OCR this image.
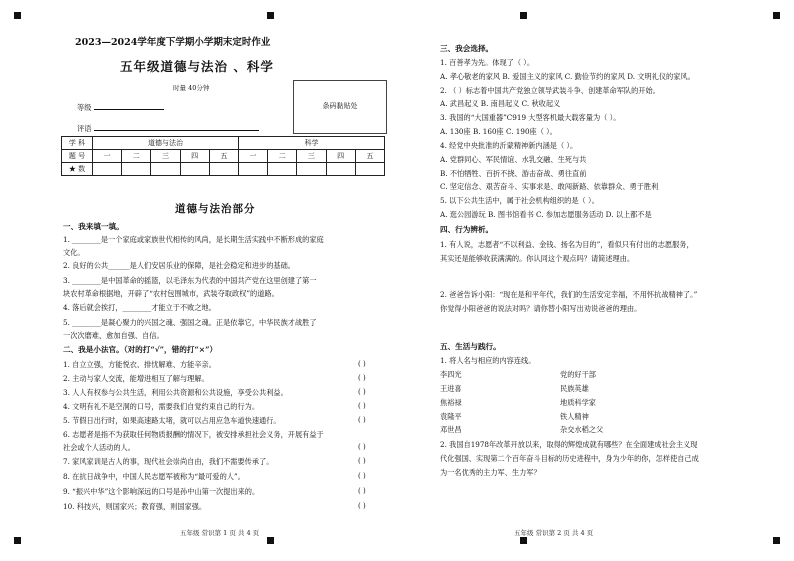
2023—2024学年度下学期小学期末定时作业
五年级道德与法治 、科学
时量 40分钟
等级
评语
条码黏贴处
学 科	道德与法治					科学				
题 号	一	二	三	四	五	一	二	三	四	五
★ 数										
道德与法治部分
一、我来填一填。
1. ________是一个家庭或家族世代相传的风尚，是长期生活实践中不断形成的家庭
文化。
2. 良好的公共______是人们安居乐业的保障，是社会稳定和进步的基础。
3. ________是中国革命的摇篮，以毛泽东为代表的中国共产党在这里创建了第一
块农村革命根据地，开辟了“农村包围城市，武装夺取政权”的道路。
4. 落后就会挨打，________才能立于不败之地。
5. ________是凝心聚力的兴国之魂、强国之魂。正是依靠它，中华民族才战胜了
一次次磨难，愈加自强、自信。
二、我是小法官。（对的打“√”，错的打“×”）
1. 自立立强，方能悦衣、排忧解难、方能辛亲。
2. 主动与家人交流，能增进相互了解与理解。
3. 人人有权参与公共生活，利用公共资源和公共设施，享受公共利益。
4. 文明有礼不是空洞的口号，需要我们自觉约束自己的行为。
5. 节假日出行时，如果高速路太堵，就可以占用应急车道快速通行。
6. 志愿者是指不为获取任何物质报酬的情况下，被安排承担社会义务，开展有益于
社会或个人活动的人。
7. 家风家训是古人的事，现代社会崇尚自由，我们不需要传承了。
8. 在抗日战争中，中国人民志愿军被称为“最可爱的人”。
9. “振兴中华”这个影响深远的口号是孙中山第一次提出来的。
10. 科技兴，则国家兴；教育强，则国家强。
( )
( )
( )
( )
( )
( )
( )
( )
( )
( )
五年级 常识第 1 页 共 4 页
三、我会选择。
1. 百善孝为先。体现了（ ）。
A. 孝心敬老的家风 B. 爱国主义的家风 C. 勤俭节约的家风 D. 文明礼仪的家风。
2. （ ）标志着中国共产党独立领导武装斗争、创建革命军队的开始。
A. 武昌起义 B. 南昌起义 C. 秋收起义
3. 我国的“大国重器”C919 大型客机最大载客量为（ ）。
A. 130座 B. 160座 C. 190座（ ）。
4. 经党中央批准的沂蒙精神新内涵是（ ）。
A. 党群同心、军民情谊、水乳交融、生死与共
B. 不怕牺牲、百折不挠、游击奋战、勇往直前
C. 坚定信念、艰苦奋斗、实事求是、敢闯新路、依靠群众、勇于胜利
5. 以下公共生活中，属于社会机构组织的是（ ）。
A. 逛公园游玩 B. 图书馆看书 C. 参加志愿服务活动 D. 以上都不是
四、行为辨析。
1. 有人说，志愿者“不以利益、金钱、扬名为目的”，看似只有付出的志愿服务，
其实还是能够收获满满的。你认同这个观点吗？请简述理由。
2. 爸爸告诉小阳：“现在是和平年代，我们的生活安定幸福，不用怀抗战精神了。”
你觉得小阳爸爸的说法对吗？请你替小阳写出劝说爸爸的理由。
五、生活与践行。
1. 将人名与相应的内容连线。
李四光
王进喜
焦裕禄
袁隆平
邓世昌
党的好干部
民族英雄
地质科学家
铁人精神
杂交水稻之父
2. 我国自1978年改革开放以来，取得的辉煌成就有哪些？在全面建成社会主义现
代化强国、实现第二个百年奋斗目标的历史进程中，身为少年的你，怎样使自己成
为一名优秀的主力军、生力军？
五年级 常识第 2 页 共 4 页
